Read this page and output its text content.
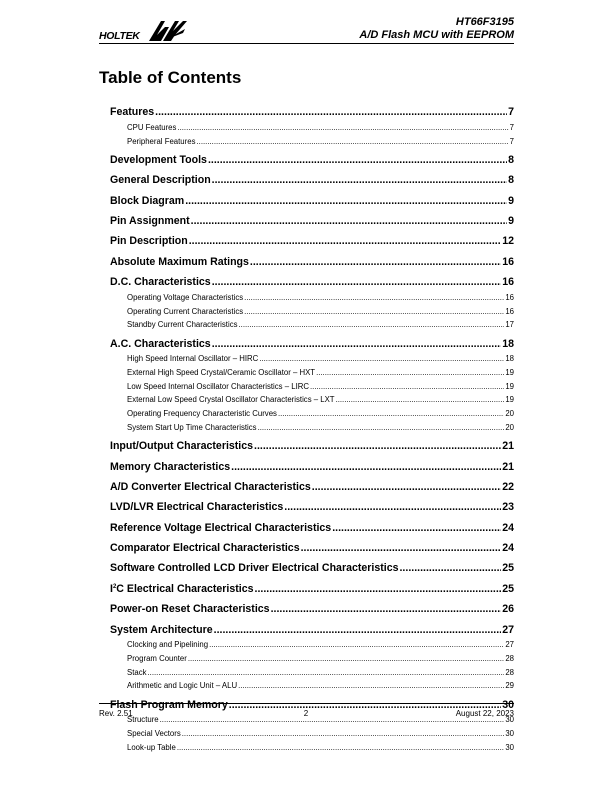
HOLTEK
HT66F3195
A/D Flash MCU with EEPROM
Table of Contents
Features .....	7
CPU Features .....	7
Peripheral Features .....	7
Development Tools .....	8
General Description .....	8
Block Diagram .....	9
Pin Assignment .....	9
Pin Description .....	12
Absolute Maximum Ratings .....	16
D.C. Characteristics .....	16
Operating Voltage Characteristics .....	16
Operating Current Characteristics .....	16
Standby Current Characteristics .....	17
A.C. Characteristics .....	18
High Speed Internal Oscillator – HIRC .....	18
External High Speed Crystal/Ceramic Oscillator – HXT .....	19
Low Speed Internal Oscillator Characteristics – LIRC .....	19
External Low Speed Crystal Oscillator Characteristics – LXT .....	19
Operating Frequency Characteristic Curves .....	20
System Start Up Time Characteristics .....	20
Input/Output Characteristics .....	21
Memory Characteristics .....	21
A/D Converter Electrical Characteristics .....	22
LVD/LVR Electrical Characteristics .....	23
Reference Voltage Electrical Characteristics .....	24
Comparator Electrical Characteristics .....	24
Software Controlled LCD Driver Electrical Characteristics .....	25
$I^2C$ Electrical Characteristics .....	25
Power-on Reset Characteristics .....	26
System Architecture .....	27
Clocking and Pipelining .....	27
Program Counter .....	28
Stack .....	28
Arithmetic and Logic Unit – ALU .....	29
Flash Program Memory .....	30
Structure .....	30
Special Vectors .....	30
Look-up Table .....	30
Rev. 2.51	2	August 22, 2023
